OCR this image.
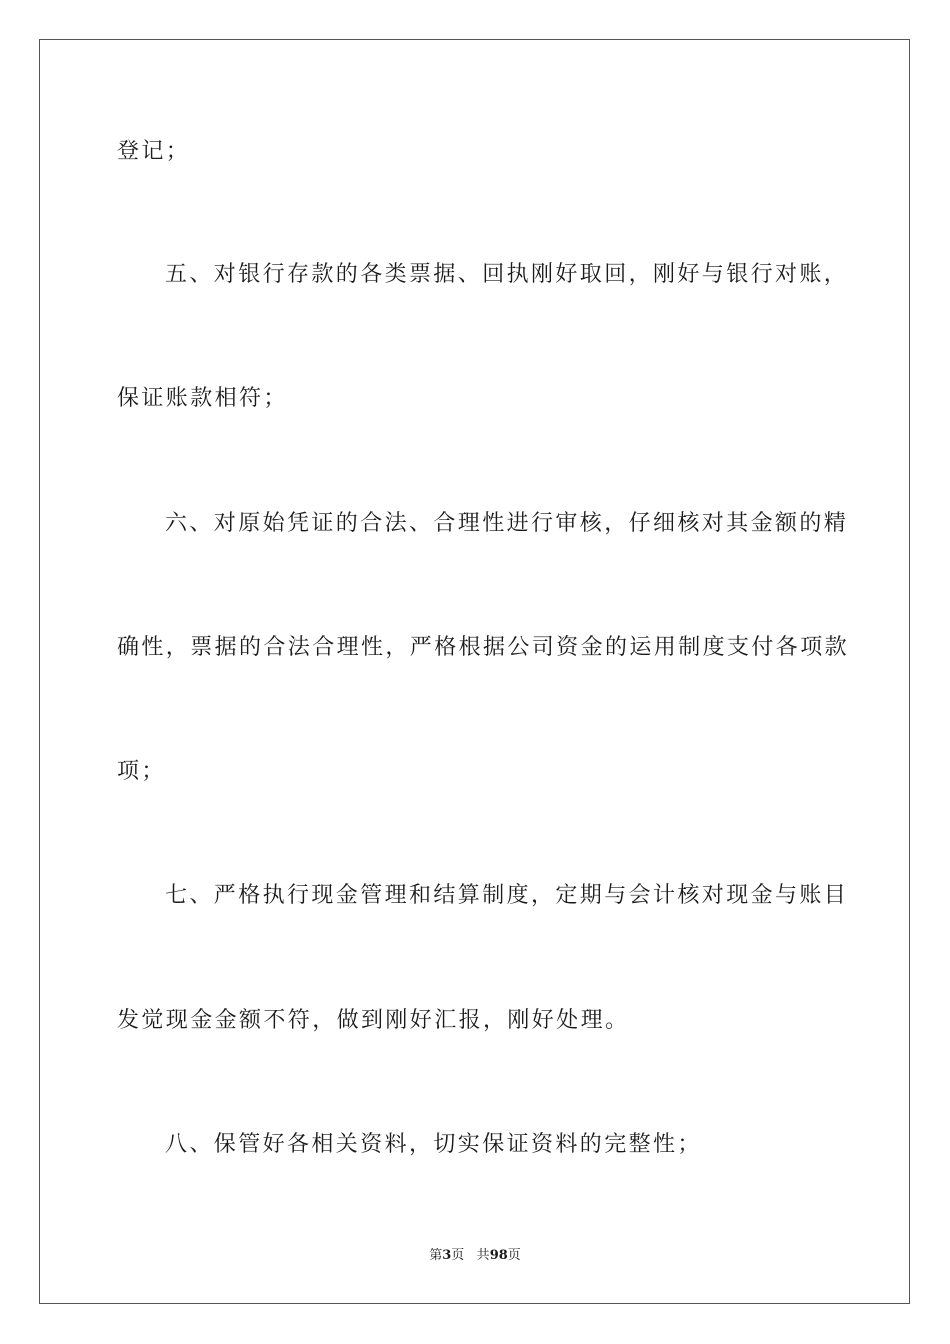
登记；
五、对银行存款的各类票据、回执刚好取回，刚好与银行对账，
保证账款相符；
六、对原始凭证的合法、合理性进行审核，仔细核对其金额的精
确性，票据的合法合理性，严格根据公司资金的运用制度支付各项款
项；
七、严格执行现金管理和结算制度，定期与会计核对现金与账目
发觉现金金额不符，做到刚好汇报，刚好处理。
八、保管好各相关资料，切实保证资料的完整性；
第3页 共98页
